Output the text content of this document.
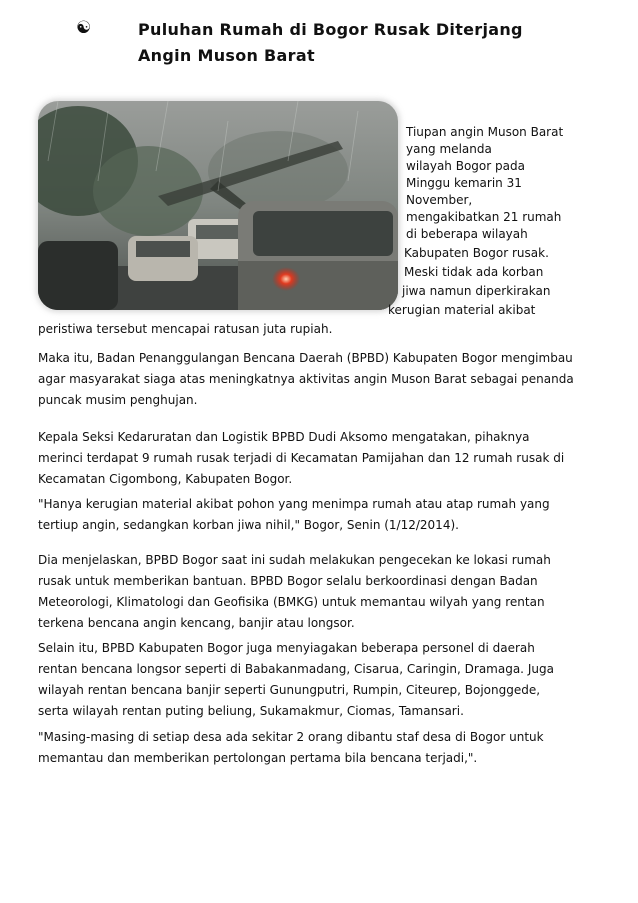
☯	Puluhan Rumah di Bogor Rusak Diterjang
Angin Muson Barat
Tiupan angin Muson Barat
yang melanda
wilayah Bogor pada
Minggu kemarin 31
November,
mengakibatkan 21 rumah
di beberapa wilayah
Kabupaten Bogor rusak.
Meski tidak ada korban
jiwa namun diperkirakan
kerugian material akibat
peristiwa tersebut mencapai ratusan juta rupiah.

Maka itu, Badan Penanggulangan Bencana Daerah (BPBD) Kabupaten Bogor mengimbau
agar masyarakat siaga atas meningkatnya aktivitas angin Muson Barat sebagai penanda
puncak musim penghujan.

Kepala Seksi Kedaruratan dan Logistik BPBD Dudi Aksomo mengatakan, pihaknya
merinci terdapat 9 rumah rusak terjadi di Kecamatan Pamijahan dan 12 rumah rusak di
Kecamatan Cigombong, Kabupaten Bogor.

"Hanya kerugian material akibat pohon yang menimpa rumah atau atap rumah yang
tertiup angin, sedangkan korban jiwa nihil," Bogor, Senin (1/12/2014).

Dia menjelaskan, BPBD Bogor saat ini sudah melakukan pengecekan ke lokasi rumah
rusak untuk memberikan bantuan. BPBD Bogor selalu berkoordinasi dengan Badan
Meteorologi, Klimatologi dan Geofisika (BMKG) untuk memantau wilyah yang rentan
terkena bencana angin kencang, banjir atau longsor.

Selain itu, BPBD Kabupaten Bogor juga menyiagakan beberapa personel di daerah
rentan bencana longsor seperti di Babakanmadang, Cisarua, Caringin, Dramaga. Juga
wilayah rentan bencana banjir seperti Gunungputri, Rumpin, Citeurep, Bojonggede,
serta wilayah rentan puting beliung, Sukamakmur, Ciomas, Tamansari.

"Masing-masing di setiap desa ada sekitar 2 orang dibantu staf desa di Bogor untuk
memantau dan memberikan pertolongan pertama bila bencana terjadi,".
